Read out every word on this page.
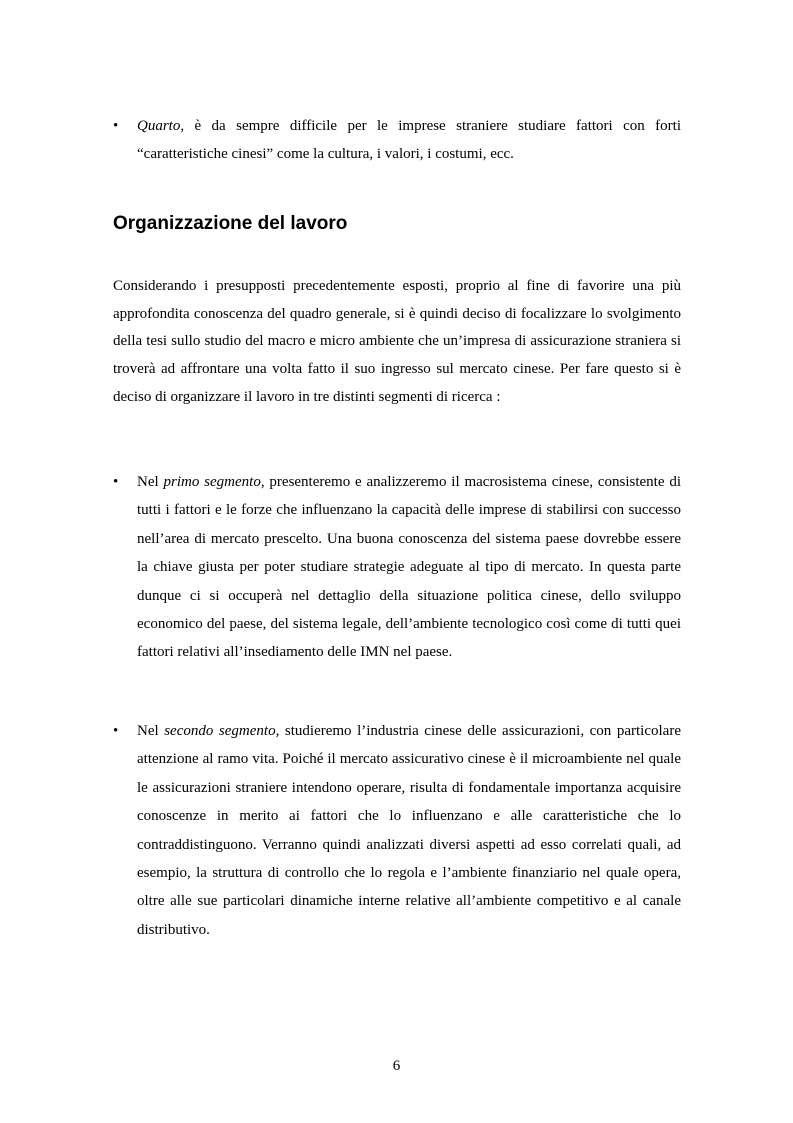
• Quarto, è da sempre difficile per le imprese straniere studiare fattori con forti “caratteristiche cinesi” come la cultura, i valori, i costumi, ecc.
Organizzazione del lavoro

Considerando i presupposti precedentemente esposti, proprio al fine di favorire una più approfondita conoscenza del quadro generale, si è quindi deciso di focalizzare lo svolgimento della tesi sullo studio del macro e micro ambiente che un’impresa di assicurazione straniera si troverà ad affrontare una volta fatto il suo ingresso sul mercato cinese. Per fare questo si è deciso di organizzare il lavoro in tre distinti segmenti di ricerca :

• Nel primo segmento, presenteremo e analizzeremo il macrosistema cinese, consistente di tutti i fattori e le forze che influenzano la capacità delle imprese di stabilirsi con successo nell’area di mercato prescelto. Una buona conoscenza del sistema paese dovrebbe essere la chiave giusta per poter studiare strategie adeguate al tipo di mercato. In questa parte dunque ci si occuperà nel dettaglio della situazione politica cinese, dello sviluppo economico del paese, del sistema legale, dell’ambiente tecnologico così come di tutti quei fattori relativi all’insediamento delle IMN nel paese.
• Nel secondo segmento, studieremo l’industria cinese delle assicurazioni, con particolare attenzione al ramo vita. Poiché il mercato assicurativo cinese è il microambiente nel quale le assicurazioni straniere intendono operare, risulta di fondamentale importanza acquisire conoscenze in merito ai fattori che lo influenzano e alle caratteristiche che lo contraddistinguono. Verranno quindi analizzati diversi aspetti ad esso correlati quali, ad esempio, la struttura di controllo che lo regola e l’ambiente finanziario nel quale opera, oltre alle sue particolari dinamiche interne relative all’ambiente competitivo e al canale distributivo.
6
